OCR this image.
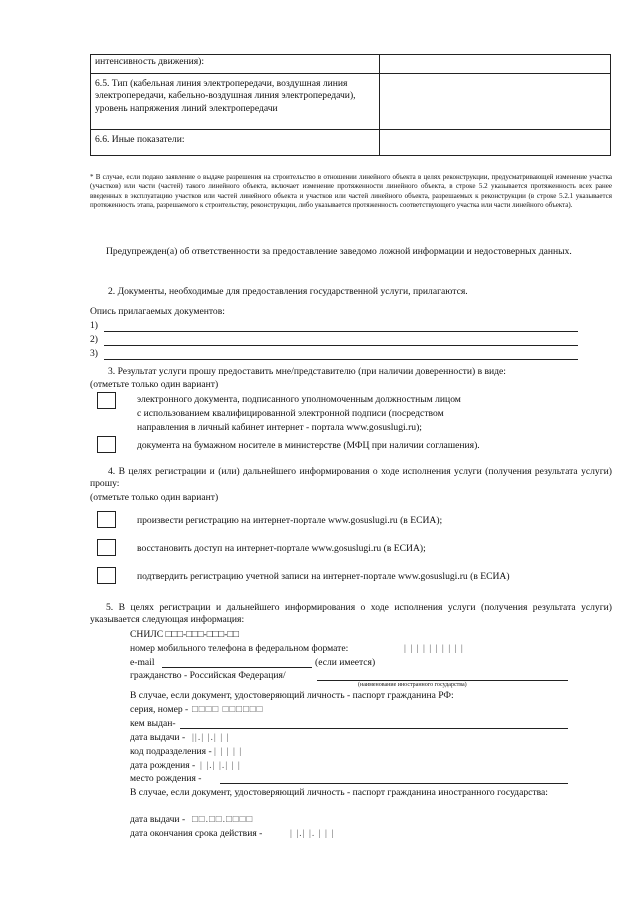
интенсивность движения):	
6.5. Тип (кабельная линия электропередачи, воздушная линия электропередачи, кабельно-воздушная линия электропередачи), уровень напряжения линий электропередачи	
6.6. Иные показатели:	
* В случае, если подано заявление о выдаче разрешения на строительство в отношении линейного объекта в целях реконструкции, предусматривающей изменение участка (участков) или части (частей) такого линейного объекта, включает изменение протяженности линейного объекта, в строке 5.2 указывается протяженность всех ранее введенных в эксплуатацию участков или частей линейного объекта и участков или частей линейного объекта, разрешаемых к реконструкции (в строке 5.2.1 указывается протяженность этапа, разрешаемого к строительству, реконструкции, либо указывается протяженность соответствующего участка или части линейного объекта).
Предупрежден(а) об ответственности за предоставление заведомо ложной информации и недостоверных данных.
2. Документы, необходимые для предоставления государственной услуги, прилагаются.
Опись прилагаемых документов:
1)
2)
3)
3. Результат услуги прошу предоставить мне/представителю (при наличии доверенности) в виде:
(отметьте только один вариант)
электронного документа, подписанного уполномоченным должностным лицом
с использованием квалифицированной электронной подписи (посредством
направления в личный кабинет интернет - портала www.gosuslugi.ru);
документа на бумажном носителе в министерстве (МФЦ при наличии соглашения).
4. В целях регистрации и (или) дальнейшего информирования о ходе исполнения услуги (получения результата услуги) прошу:
(отметьте только один вариант)
произвести регистрацию на интернет-портале www.gosuslugi.ru (в ЕСИА);
восстановить доступ на интернет-портале www.gosuslugi.ru (в ЕСИА);
подтвердить регистрацию учетной записи на интернет-портале www.gosuslugi.ru (в ЕСИА)
5. В целях регистрации и дальнейшего информирования о ходе исполнения услуги (получения результата услуги) указывается следующая информация:
СНИЛС □□□-□□□-□□□-□□
номер мобильного телефона в федеральном формате:	| | | | | | | | | |
e-mail	(если имеется)
гражданство - Российская Федерация/
(наименование иностранного государства)
В случае, если документ, удостоверяющий личность - паспорт гражданина РФ:
серия, номер - □□□□ □□□□□□
кем выдан-
дата выдачи - ||.| |.| | |
код подразделения - | | | | |
дата рождения - | |.| |.| | |
место рождения -
В случае, если документ, удостоверяющий личность - паспорт гражданина иностранного государства:
дата выдачи - □□.□□.□□□□
дата окончания срока действия -	| |.| |. | | |
